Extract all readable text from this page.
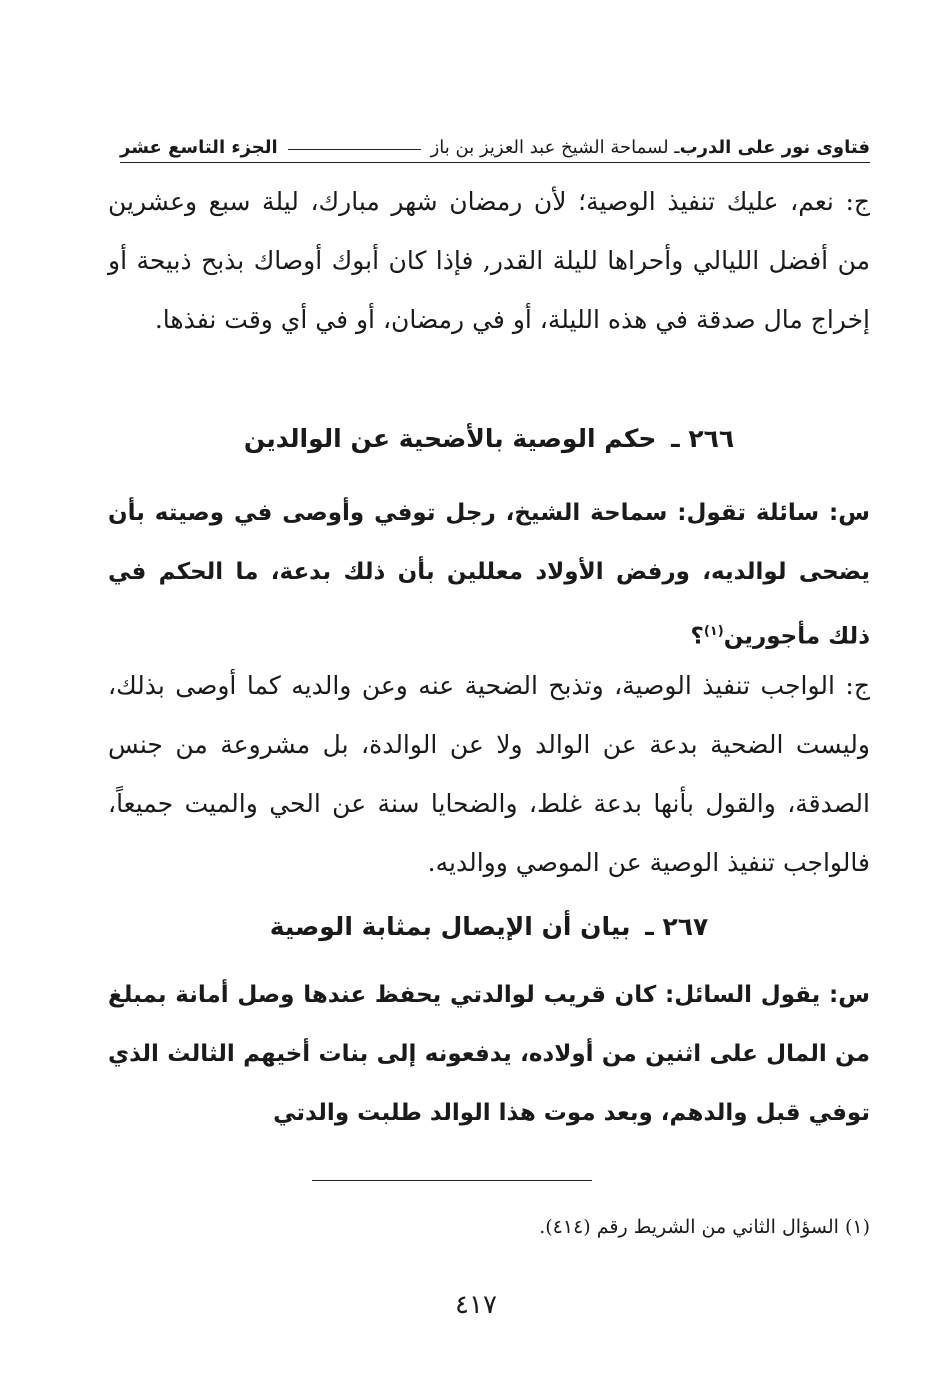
فتاوى نور على الدرب
ـ لسماحة الشيخ عبد العزيز بن باز
الجزء التاسع عشر
ج: نعم، عليك تنفيذ الوصية؛ لأن رمضان شهر مبارك، ليلة سبع وعشرين من أفضل الليالي وأحراها لليلة القدر, فإذا كان أبوك أوصاك بذبح ذبيحة أو إخراج مال صدقة في هذه الليلة، أو في رمضان، أو في أي وقت نفذها.
٢٦٦ ـ حكم الوصية بالأضحية عن الوالدين
س: سائلة تقول: سماحة الشيخ، رجل توفي وأوصى في وصيته بأن يضحى لوالديه، ورفض الأولاد معللين بأن ذلك بدعة، ما الحكم في ذلك مأجورين$^{(١)}$؟
ج: الواجب تنفيذ الوصية، وتذبح الضحية عنه وعن والديه كما أوصى بذلك، وليست الضحية بدعة عن الوالد ولا عن الوالدة، بل مشروعة من جنس الصدقة، والقول بأنها بدعة غلط، والضحايا سنة عن الحي والميت جميعاً، فالواجب تنفيذ الوصية عن الموصي ووالديه.
٢٦٧ ـ بيان أن الإيصال بمثابة الوصية
س: يقول السائل: كان قريب لوالدتي يحفظ عندها وصل أمانة بمبلغ من المال على اثنين من أولاده، يدفعونه إلى بنات أخيهم الثالث الذي توفي قبل والدهم، وبعد موت هذا الوالد طلبت والدتي
(١) السؤال الثاني من الشريط رقم (٤١٤).
٤١٧
